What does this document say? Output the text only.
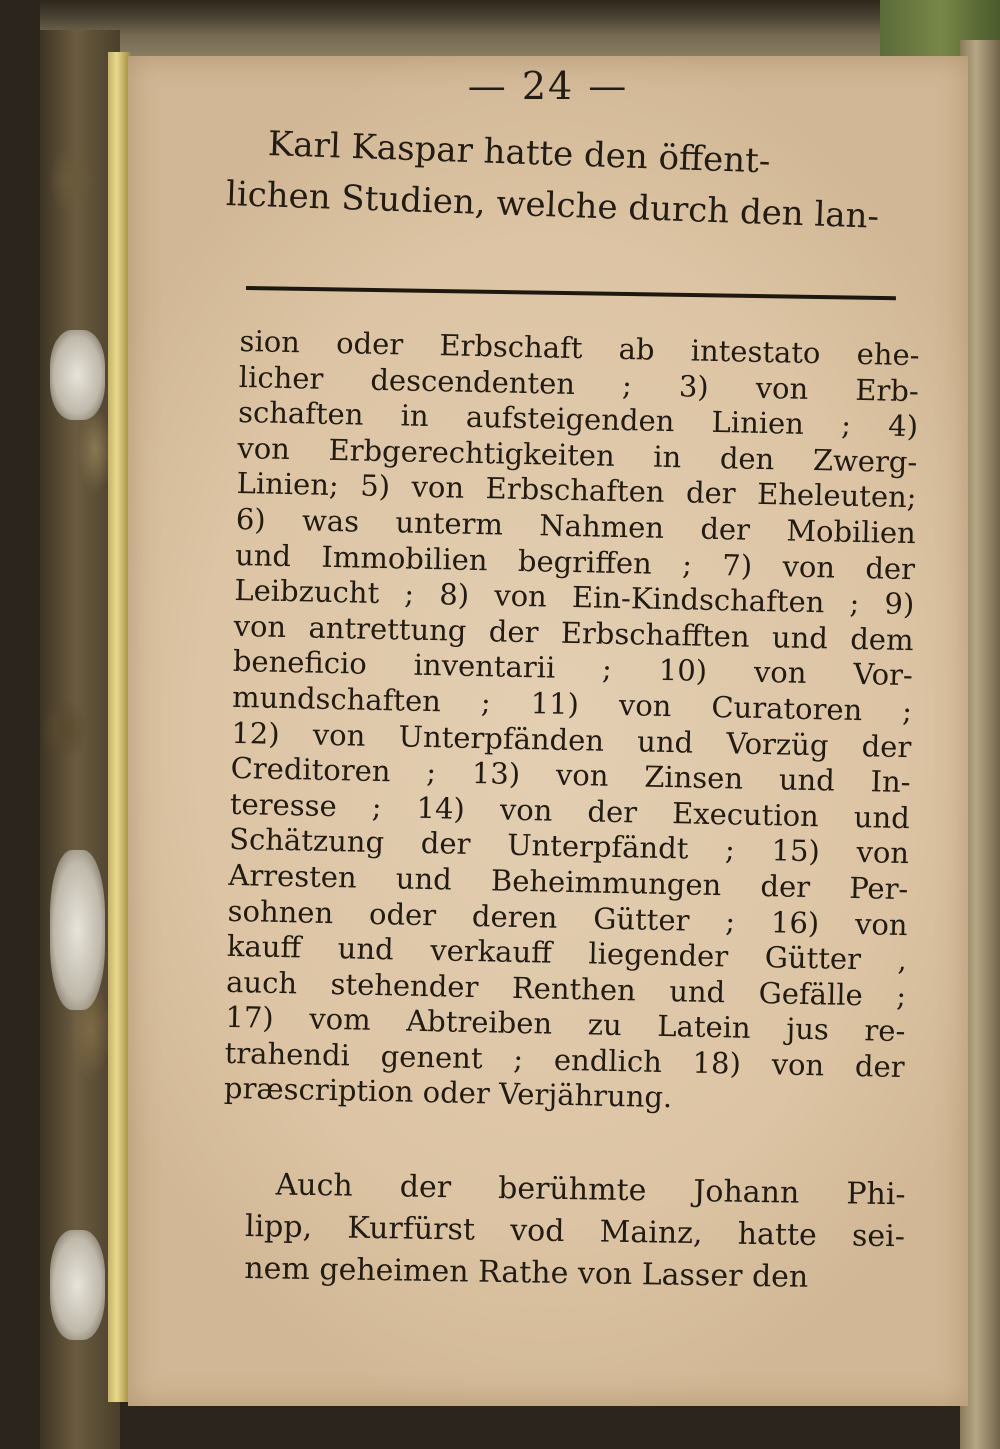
— 24 —
Karl Kaspar hatte den öffent-
lichen Studien, welche durch den lan-
sion oder Erbschaft ab intestato ehe-
licher descendenten ; 3) von Erb-
schaften in aufsteigenden Linien ; 4)
von Erbgerechtigkeiten in den Zwerg-
Linien; 5) von Erbschaften der Eheleuten;
6) was unterm Nahmen der Mobilien
und Immobilien begriffen ; 7) von der
Leibzucht ; 8) von Ein-Kindschaften ; 9)
von antrettung der Erbschafften und dem
beneficio inventarii ; 10) von Vor-
mundschaften ; 11) von Curatoren ;
12) von Unterpfänden und Vorzüg der
Creditoren ; 13) von Zinsen und In-
teresse ; 14) von der Execution und
Schätzung der Unterpfändt ; 15) von
Arresten und Beheimmungen der Per-
sohnen oder deren Gütter ; 16) von
kauff und verkauff liegender Gütter ,
auch stehender Renthen und Gefälle ;
17) vom Abtreiben zu Latein jus re-
trahendi genent ; endlich 18) von der
præscription oder Verjährung.
Auch der berühmte Johann Phi-
lipp, Kurfürst vod Mainz, hatte sei-
nem geheimen Rathe von Lasser den
